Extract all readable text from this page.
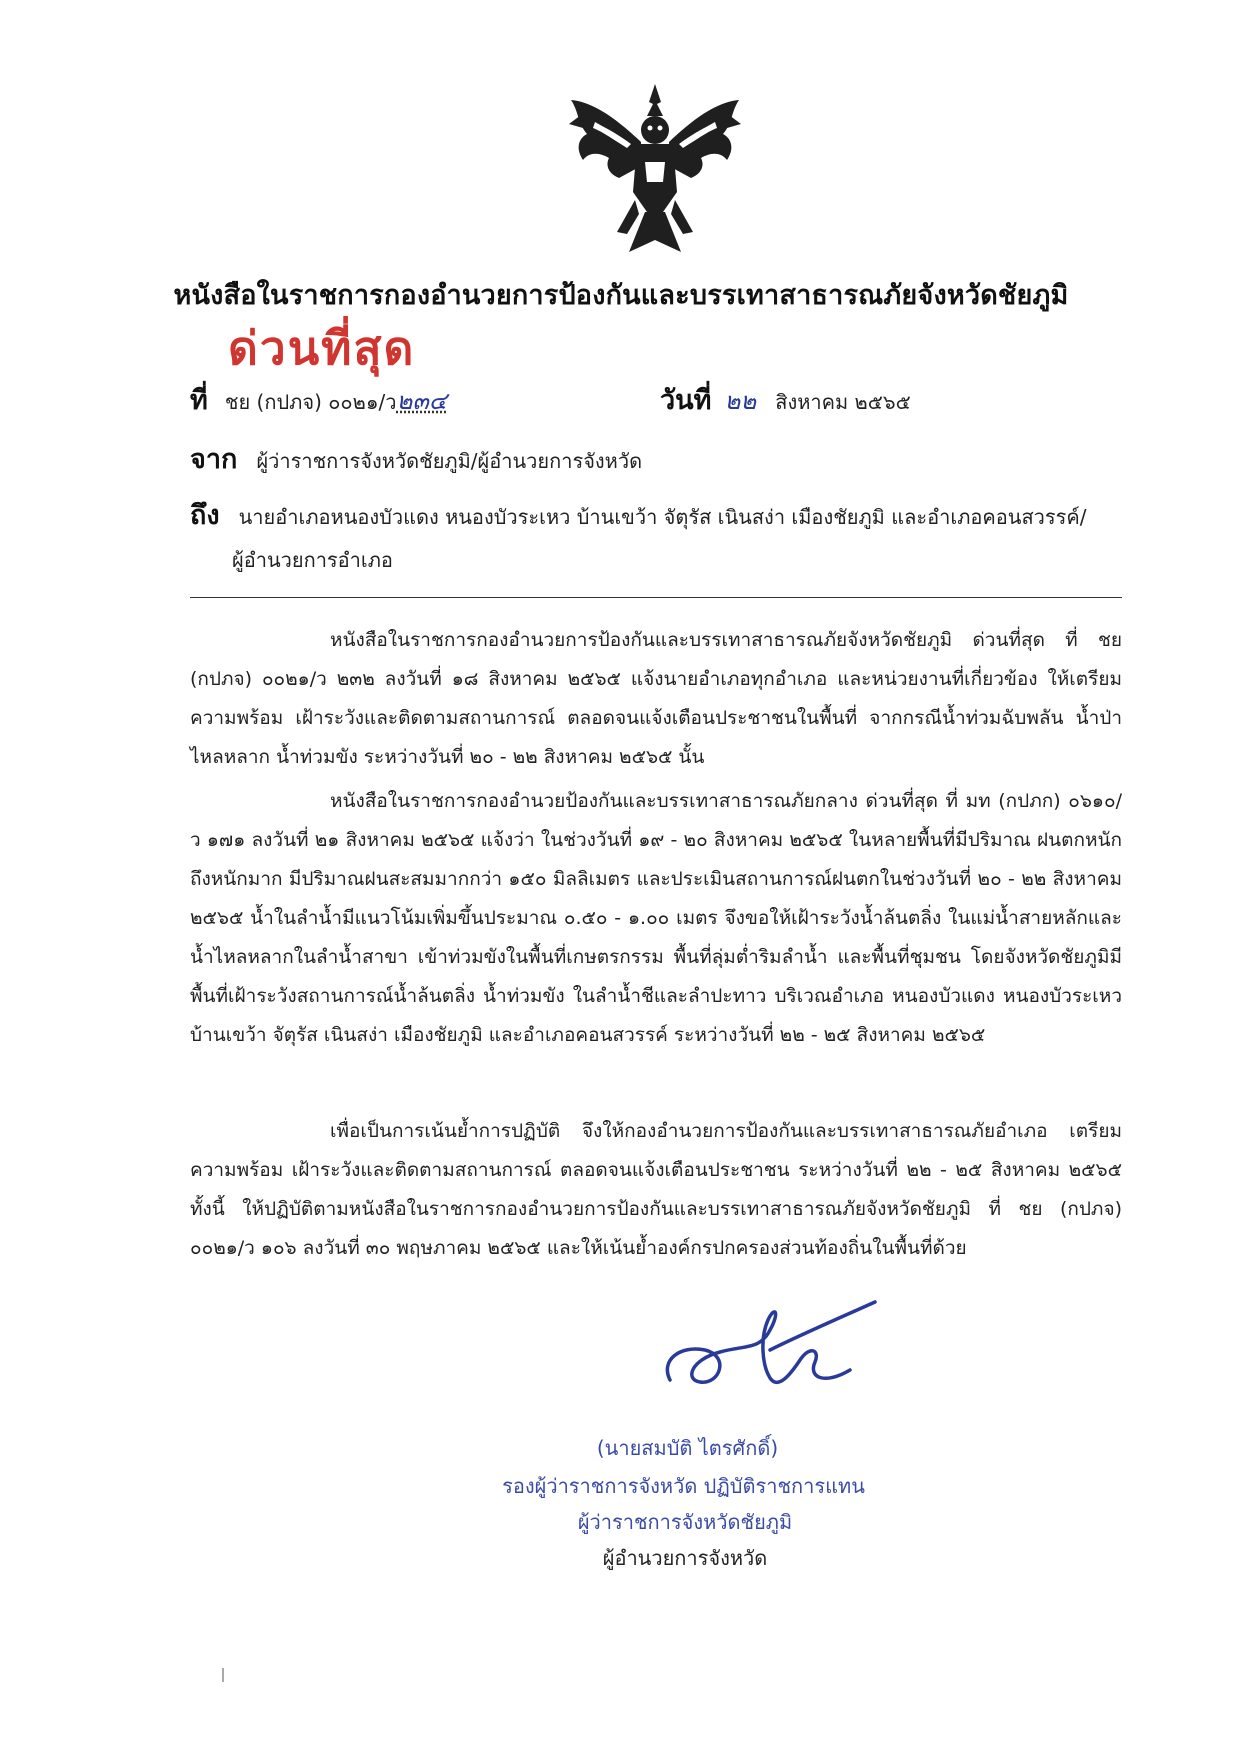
หนังสือในราชการกองอำนวยการป้องกันและบรรเทาสาธารณภัยจังหวัดชัยภูมิ
ด่วนที่สุด
ที่ ชย (กปภจ) ๐๐๒๑/ว๒๓๔	วันที่ ๒๒ สิงหาคม ๒๕๖๕
จาก ผู้ว่าราชการจังหวัดชัยภูมิ/ผู้อำนวยการจังหวัด
ถึง นายอำเภอหนองบัวแดง หนองบัวระเหว บ้านเขว้า จัตุรัส เนินสง่า เมืองชัยภูมิ และอำเภอคอนสวรรค์/
ผู้อำนวยการอำเภอ
หนังสือในราชการกองอำนวยการป้องกันและบรรเทาสาธารณภัยจังหวัดชัยภูมิ ด่วนที่สุด ที่ ชย (กปภจ) ๐๐๒๑/ว ๒๓๒ ลงวันที่ ๑๘ สิงหาคม ๒๕๖๕ แจ้งนายอำเภอทุกอำเภอ และหน่วยงานที่เกี่ยวข้อง ให้เตรียมความพร้อม เฝ้าระวังและติดตามสถานการณ์ ตลอดจนแจ้งเตือนประชาชนในพื้นที่ จากกรณีน้ำท่วมฉับพลัน น้ำป่าไหลหลาก น้ำท่วมขัง ระหว่างวันที่ ๒๐ - ๒๒ สิงหาคม ๒๕๖๕ นั้น
หนังสือในราชการกองอำนวยป้องกันและบรรเทาสาธารณภัยกลาง ด่วนที่สุด ที่ มท (กปภก) ๐๖๑๐/ว ๑๗๑ ลงวันที่ ๒๑ สิงหาคม ๒๕๖๕ แจ้งว่า ในช่วงวันที่ ๑๙ - ๒๐ สิงหาคม ๒๕๖๕ ในหลายพื้นที่มีปริมาณ ฝนตกหนักถึงหนักมาก มีปริมาณฝนสะสมมากกว่า ๑๕๐ มิลลิเมตร และประเมินสถานการณ์ฝนตกในช่วงวันที่ ๒๐ - ๒๒ สิงหาคม ๒๕๖๕ น้ำในลำน้ำมีแนวโน้มเพิ่มขึ้นประมาณ ๐.๕๐ - ๑.๐๐ เมตร จึงขอให้เฝ้าระวังน้ำล้นตลิ่ง ในแม่น้ำสายหลักและน้ำไหลหลากในลำน้ำสาขา เข้าท่วมขังในพื้นที่เกษตรกรรม พื้นที่ลุ่มต่ำริมลำน้ำ และพื้นที่ชุมชน โดยจังหวัดชัยภูมิมีพื้นที่เฝ้าระวังสถานการณ์น้ำล้นตลิ่ง น้ำท่วมขัง ในลำน้ำชีและลำปะทาว บริเวณอำเภอ หนองบัวแดง หนองบัวระเหว บ้านเขว้า จัตุรัส เนินสง่า เมืองชัยภูมิ และอำเภอคอนสวรรค์ ระหว่างวันที่ ๒๒ - ๒๕ สิงหาคม ๒๕๖๕
เพื่อเป็นการเน้นย้ำการปฏิบัติ จึงให้กองอำนวยการป้องกันและบรรเทาสาธารณภัยอำเภอ เตรียมความพร้อม เฝ้าระวังและติดตามสถานการณ์ ตลอดจนแจ้งเตือนประชาชน ระหว่างวันที่ ๒๒ - ๒๕ สิงหาคม ๒๕๖๕ ทั้งนี้ ให้ปฏิบัติตามหนังสือในราชการกองอำนวยการป้องกันและบรรเทาสาธารณภัยจังหวัดชัยภูมิ ที่ ชย (กปภจ) ๐๐๒๑/ว ๑๐๖ ลงวันที่ ๓๐ พฤษภาคม ๒๕๖๕ และให้เน้นย้ำองค์กรปกครองส่วนท้องถิ่นในพื้นที่ด้วย
(นายสมบัติ ไตรศักดิ์)
รองผู้ว่าราชการจังหวัด ปฏิบัติราชการแทน
ผู้ว่าราชการจังหวัดชัยภูมิ
ผู้อำนวยการจังหวัด
